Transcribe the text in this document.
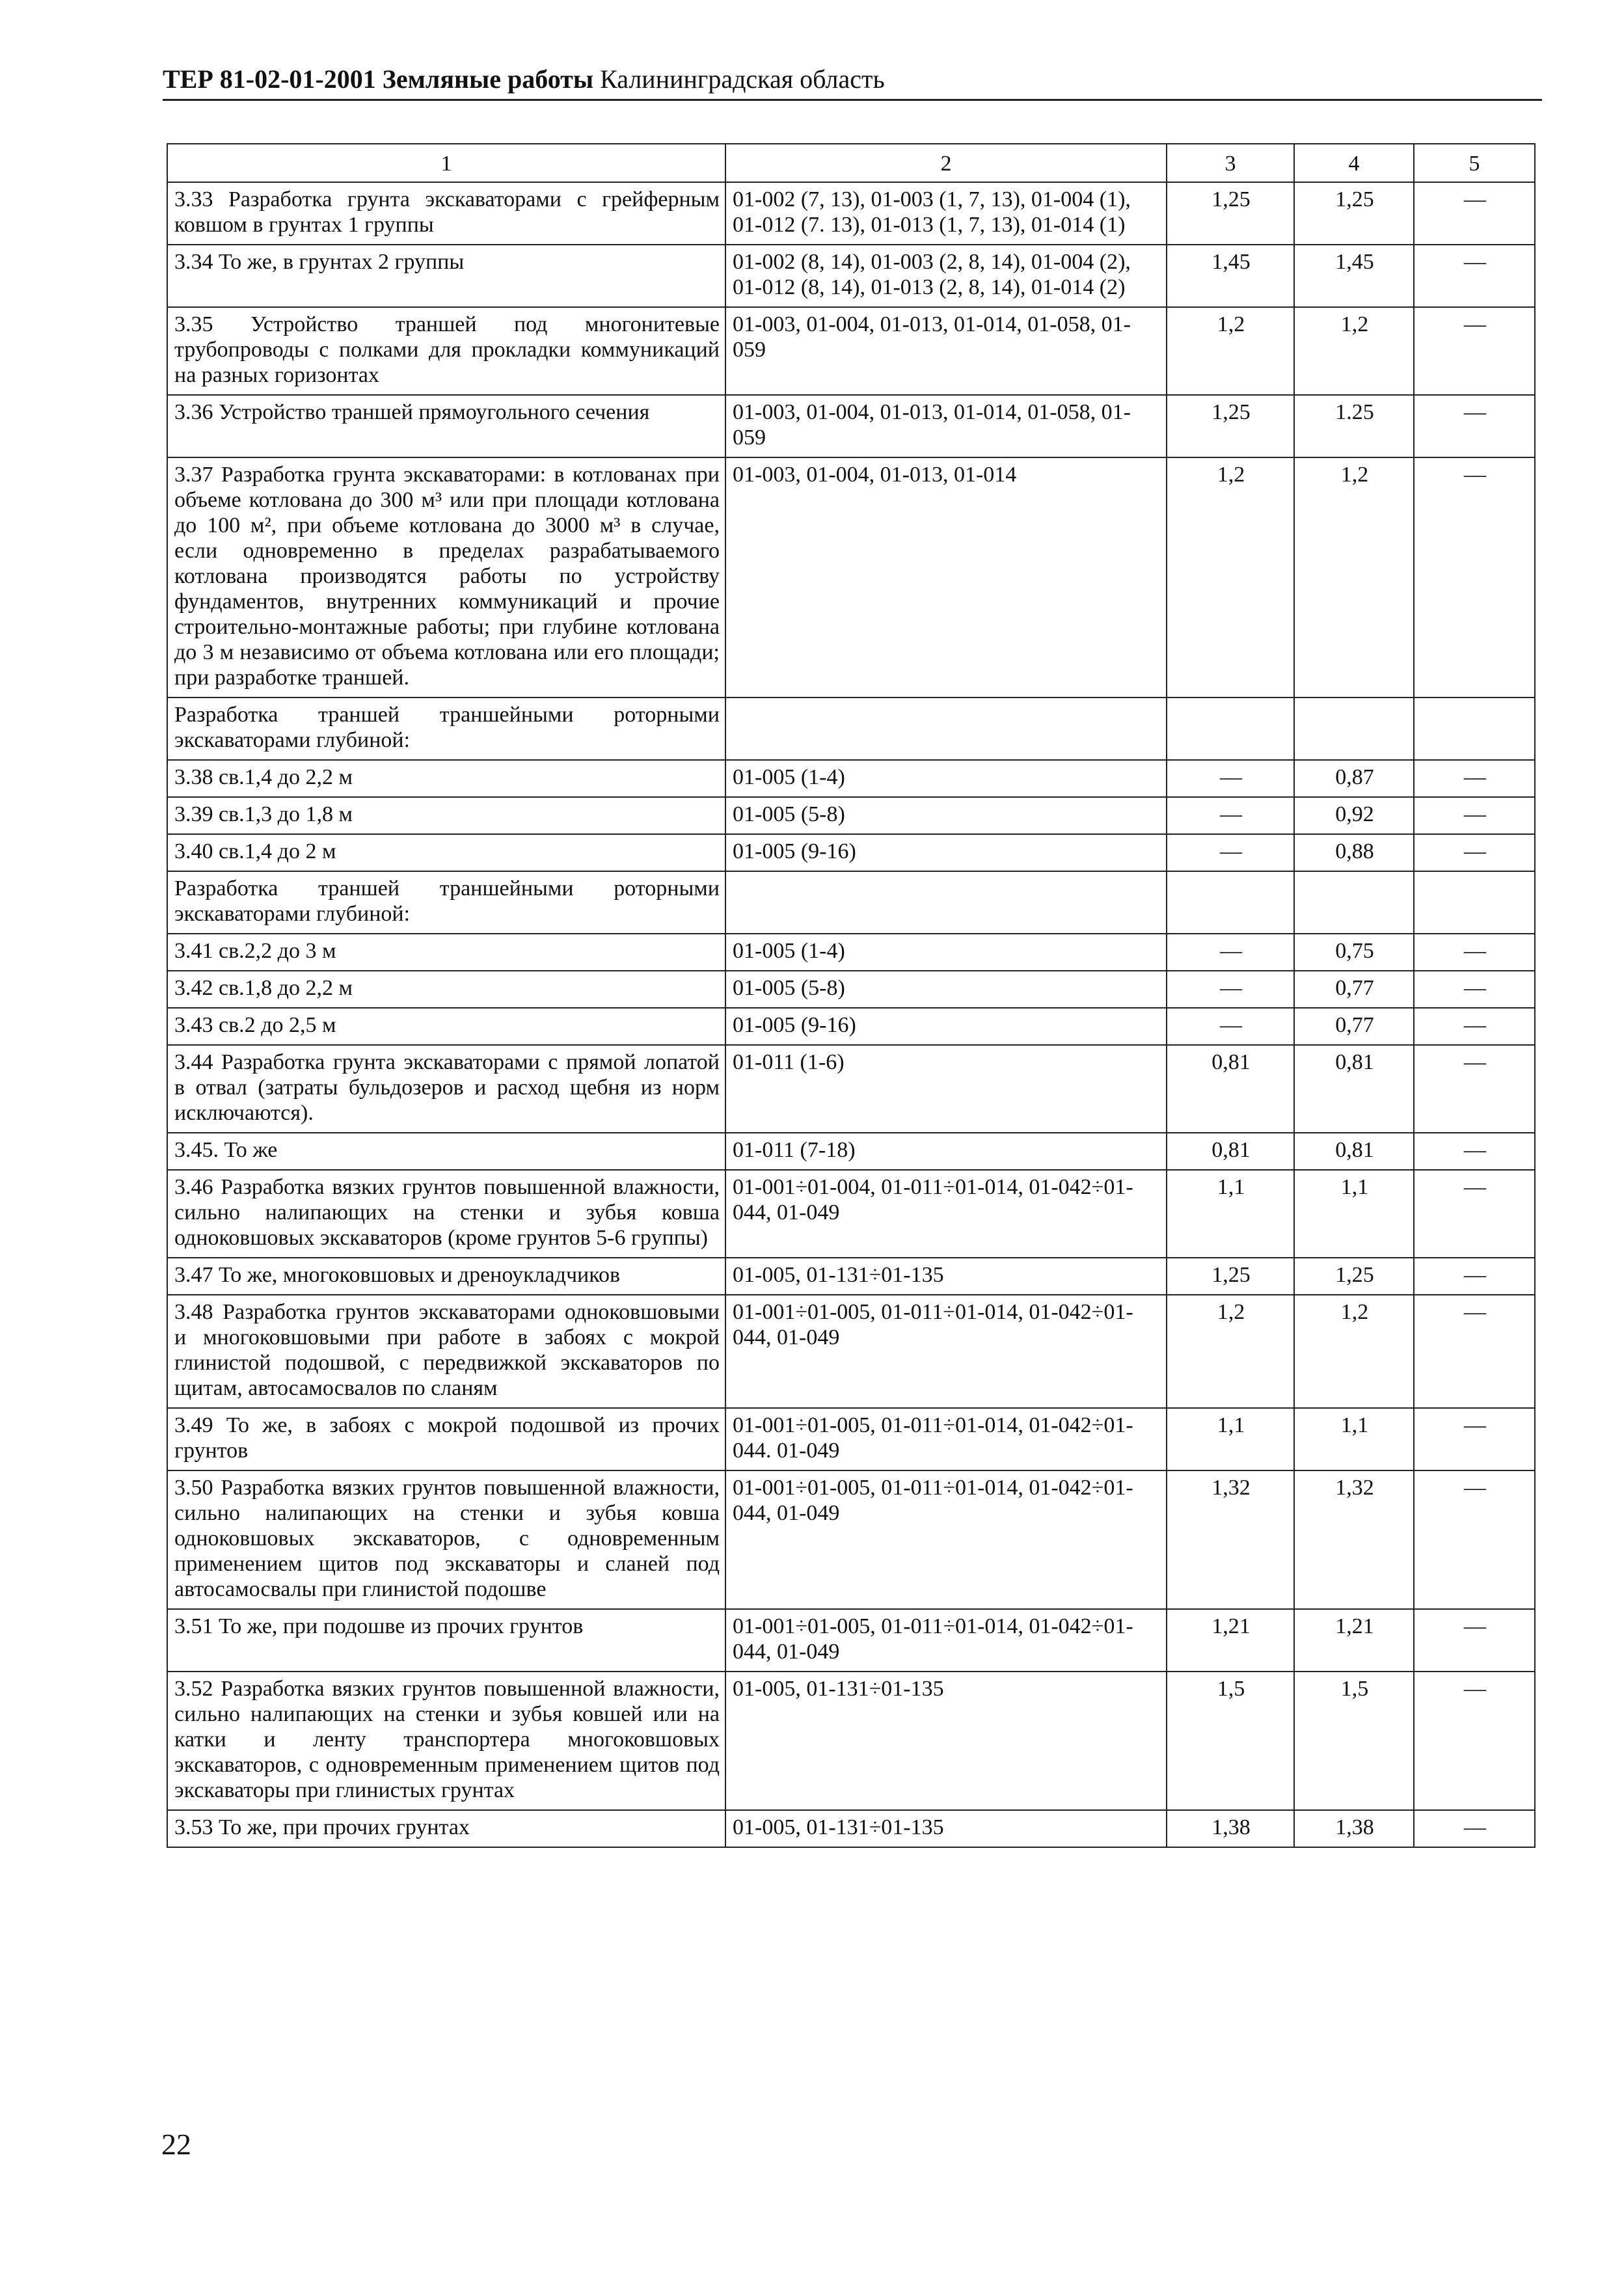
ТЕР 81-02-01-2001 Земляные работы Калининградская область
1	2	3	4	5
3.33 Разработка грунта экскаваторами с грейферным ковшом в грунтах 1 группы	01-002 (7, 13), 01-003 (1, 7, 13), 01-004 (1), 01-012 (7. 13), 01-013 (1, 7, 13), 01-014 (1)	1,25	1,25	—
3.34 То же, в грунтах 2 группы	01-002 (8, 14), 01-003 (2, 8, 14), 01-004 (2), 01-012 (8, 14), 01-013 (2, 8, 14), 01-014 (2)	1,45	1,45	—
3.35 Устройство траншей под многонитевые трубопроводы с полками для прокладки коммуникаций на разных горизонтах	01-003, 01-004, 01-013, 01-014, 01-058, 01-059	1,2	1,2	—
3.36 Устройство траншей прямоугольного сечения	01-003, 01-004, 01-013, 01-014, 01-058, 01-059	1,25	1.25	—
3.37 Разработка грунта экскаваторами: в котлованах при объеме котлована до 300 м³ или при площади котлована до 100 м², при объеме котлована до 3000 м³ в случае, если одновременно в пределах разрабатываемого котлована производятся работы по устройству фундаментов, внутренних коммуникаций и прочие строительно-монтажные работы; при глубине котлована до 3 м независимо от объема котлована или его площади; при разработке траншей.	01-003, 01-004, 01-013, 01-014	1,2	1,2	—
Разработка траншей траншейными роторными экскаваторами глубиной:				
3.38 св.1,4 до 2,2 м	01-005 (1-4)	—	0,87	—
3.39 св.1,3 до 1,8 м	01-005 (5-8)	—	0,92	—
3.40 св.1,4 до 2 м	01-005 (9-16)	—	0,88	—
Разработка траншей траншейными роторными экскаваторами глубиной:				
3.41 св.2,2 до 3 м	01-005 (1-4)	—	0,75	—
3.42 св.1,8 до 2,2 м	01-005 (5-8)	—	0,77	—
3.43 св.2 до 2,5 м	01-005 (9-16)	—	0,77	—
3.44 Разработка грунта экскаваторами с прямой лопатой в отвал (затраты бульдозеров и расход щебня из норм исключаются).	01-011 (1-6)	0,81	0,81	—
3.45. То же	01-011 (7-18)	0,81	0,81	—
3.46 Разработка вязких грунтов повышенной влажности, сильно налипающих на стенки и зубья ковша одноковшовых экскаваторов (кроме грунтов 5-6 группы)	01-001÷01-004, 01-011÷01-014, 01-042÷01-044, 01-049	1,1	1,1	—
3.47 То же, многоковшовых и дреноукладчиков	01-005, 01-131÷01-135	1,25	1,25	—
3.48 Разработка грунтов экскаваторами одноковшовыми и многоковшовыми при работе в забоях с мокрой глинистой подошвой, с передвижкой экскаваторов по щитам, автосамосвалов по сланям	01-001÷01-005, 01-011÷01-014, 01-042÷01-044, 01-049	1,2	1,2	—
3.49 То же, в забоях с мокрой подошвой из прочих грунтов	01-001÷01-005, 01-011÷01-014, 01-042÷01-044. 01-049	1,1	1,1	—
3.50 Разработка вязких грунтов повышенной влажности, сильно налипающих на стенки и зубья ковша одноковшовых экскаваторов, с одновременным применением щитов под экскаваторы и сланей под автосамосвалы при глинистой подошве	01-001÷01-005, 01-011÷01-014, 01-042÷01-044, 01-049	1,32	1,32	—
3.51 То же, при подошве из прочих грунтов	01-001÷01-005, 01-011÷01-014, 01-042÷01-044, 01-049	1,21	1,21	—
3.52 Разработка вязких грунтов повышенной влажности, сильно налипающих на стенки и зубья ковшей или на катки и ленту транспортера многоковшовых экскаваторов, с одновременным применением щитов под экскаваторы при глинистых грунтах	01-005, 01-131÷01-135	1,5	1,5	—
3.53 То же, при прочих грунтах	01-005, 01-131÷01-135	1,38	1,38	—
22
